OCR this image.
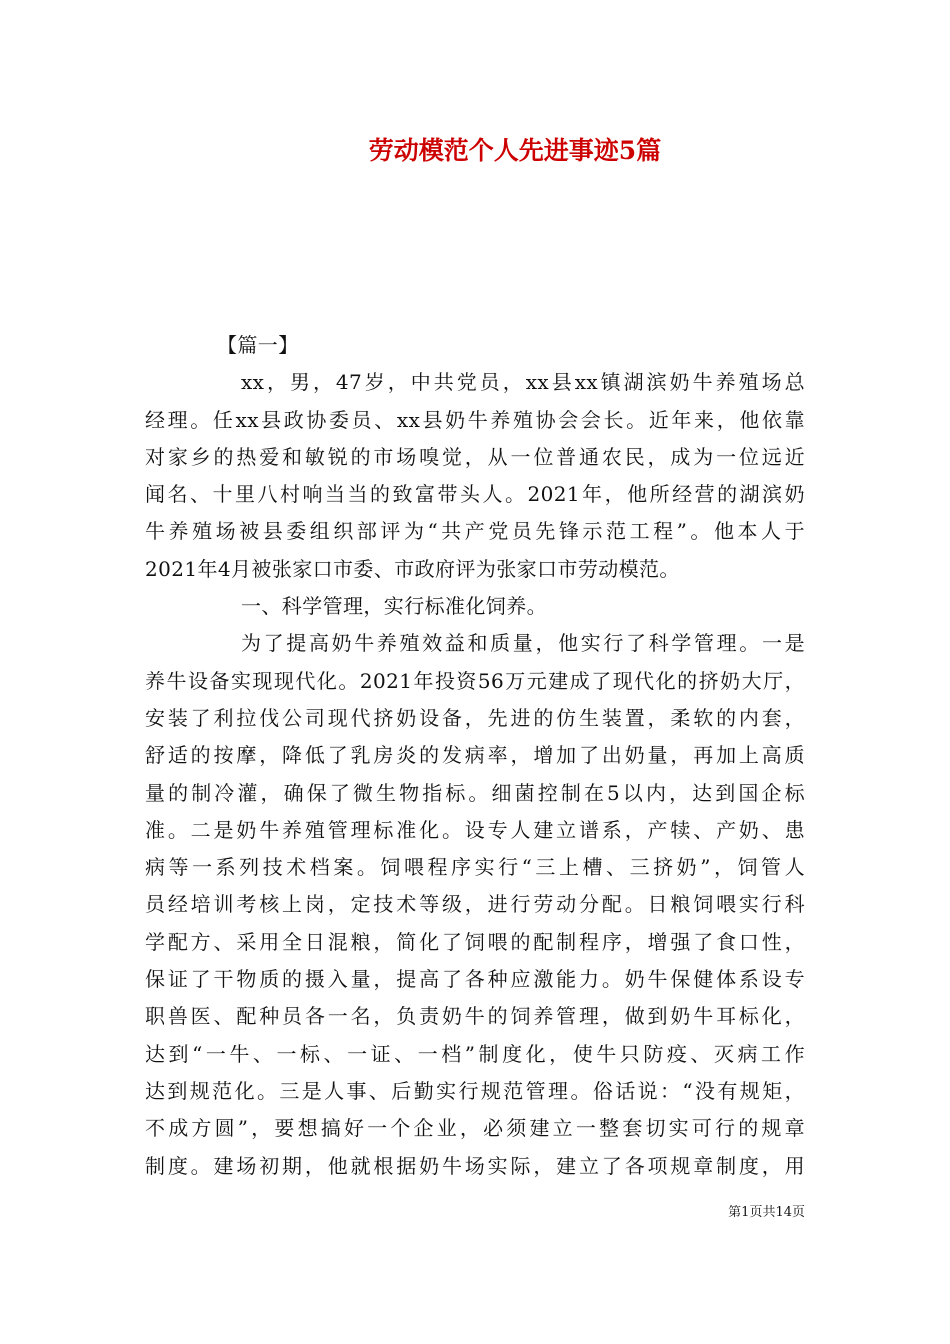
劳动模范个人先进事迹5篇
【篇一】
xx，男，47岁，中共党员，xx县xx镇湖滨奶牛养殖场总
经理。任xx县政协委员、xx县奶牛养殖协会会长。近年来，他依靠
对家乡的热爱和敏锐的市场嗅觉，从一位普通农民，成为一位远近
闻名、十里八村响当当的致富带头人。2021年，他所经营的湖滨奶
牛养殖场被县委组织部评为“共产党员先锋示范工程”。他本人于
2021年4月被张家口市委、市政府评为张家口市劳动模范。
一、科学管理，实行标准化饲养。
为了提高奶牛养殖效益和质量，他实行了科学管理。一是
养牛设备实现现代化。2021年投资56万元建成了现代化的挤奶大厅，
安装了利拉伐公司现代挤奶设备，先进的仿生装置，柔软的内套，
舒适的按摩，降低了乳房炎的发病率，增加了出奶量，再加上高质
量的制冷灌，确保了微生物指标。细菌控制在5以内，达到国企标
准。二是奶牛养殖管理标准化。设专人建立谱系，产犊、产奶、患
病等一系列技术档案。饲喂程序实行“三上槽、三挤奶”，饲管人
员经培训考核上岗，定技术等级，进行劳动分配。日粮饲喂实行科
学配方、采用全日混粮，简化了饲喂的配制程序，增强了食口性，
保证了干物质的摄入量，提高了各种应激能力。奶牛保健体系设专
职兽医、配种员各一名，负责奶牛的饲养管理，做到奶牛耳标化，
达到“一牛、一标、一证、一档”制度化，使牛只防疫、灭病工作
达到规范化。三是人事、后勤实行规范管理。俗话说：“没有规矩，
不成方圆”，要想搞好一个企业，必须建立一整套切实可行的规章
制度。建场初期，他就根据奶牛场实际，建立了各项规章制度，用
第1页共14页
